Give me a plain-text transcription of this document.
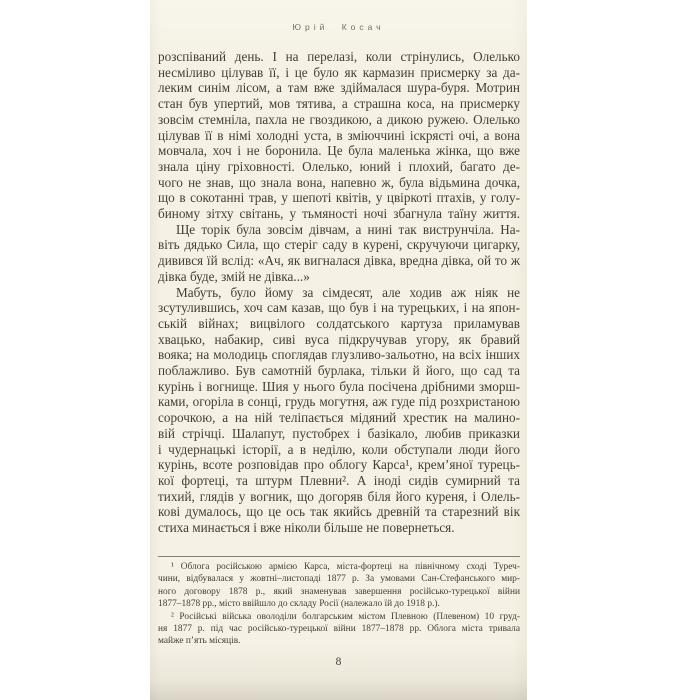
Юрій Косач
розспіваний день. І на перелазі, коли стрінулись, Олелько
несміливо цілував її, і це було як кармазин присмерку за да-
леким синім лісом, а там вже здіймалася шура-буря. Мотрин
стан був упертий, мов тятива, а страшна коса, на присмерку
зовсім стемніла, пахла не гвоздикою, а дикою ружею. Олелько
цілував її в німі холодні уста, в зміюччині іскрясті очі, а вона
мовчала, хоч і не боронила. Це була маленька жінка, що вже
знала ціну гріховності. Олелько, юний і плохий, багато де-
чого не знав, що знала вона, напевно ж, була відьмина дочка,
що в сокотанні трав, у шепоті квітів, у цвіркоті птахів, у голу-
биному зітху світань, у тьмяності ночі збагнула таїну життя.
Ще торік була зовсім дівчам, а нині так виструнчіла. На-
віть дядько Сила, що стеріг саду в курені, скручуючи цигарку,
дивився їй вслід: «Ач, як вигналася дівка, вредна дівка, ой то ж
дівка буде, змій не дівка...»
Мабуть, було йому за сімдесят, але ходив аж ніяк не
зсутулившись, хоч сам казав, що був і на турецьких, і на япон-
ській війнах; вицвілого солдатського картуза приламував
хвацько, набакир, сиві вуса підкручував угору, як бравий
вояка; на молодиць споглядав глузливо-зальотно, на всіх інших
поблажливо. Був самотній бурлака, тільки й його, що сад та
курінь і вогнище. Шия у нього була посічена дрібними зморш-
ками, огоріла в сонці, грудь могутня, аж гуде під розхристаною
сорочкою, а на ній теліпається мідяний хрестик на малино-
вій стрічці. Шалапут, пустобрех і базікало, любив приказки
і чудернацькі історії, а в неділю, коли обступали люди його
курінь, всоте розповідав про облогу Карса¹, крем’яної турець-
кої фортеці, та штурм Плевни². А іноді сидів сумирний та
тихий, глядів у вогник, що догоряв біля його куреня, і Олель-
кові думалось, що це ось так якийсь древній та старезний вік
стиха минається і вже ніколи більше не повернеться.
¹ Облога російською армією Карса, міста-фортеці на північному сході Туреч-
чини, відбувалася у жовтні–листопаді 1877 р. За умовами Сан-Стефанського мир-
ного договору 1878 р., який знаменував завершення російсько-турецької війни
1877–1878 рр., місто ввійшло до складу Росії (належало їй до 1918 р.).
² Російські війська оволоділи болгарським містом Плевною (Плевеном) 10 груд-
ня 1877 р. під час російсько-турецької війни 1877–1878 рр. Облога міста тривала
майже п’ять місяців.
8
